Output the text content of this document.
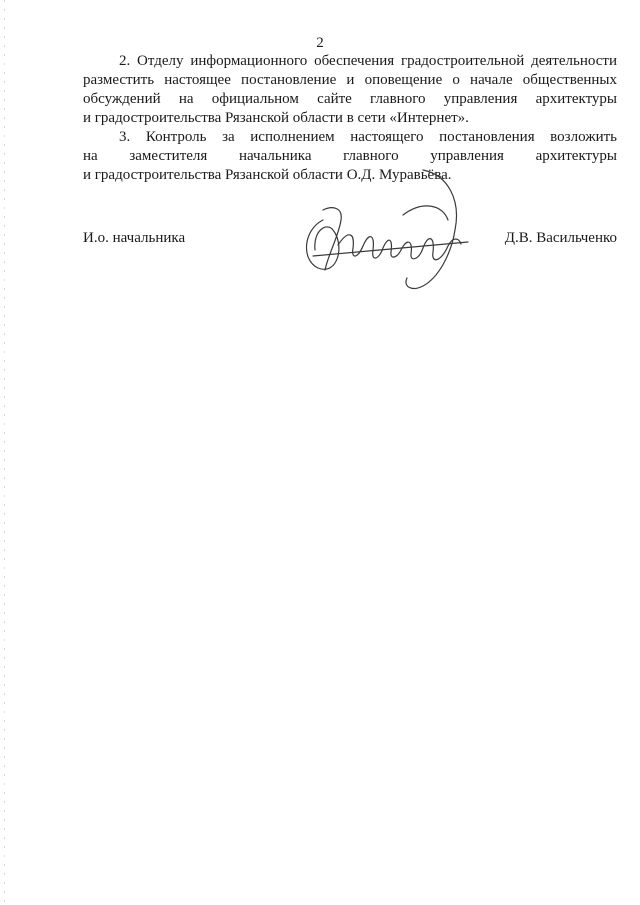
2

2. Отделу информационного обеспечения градостроительной деятельности

разместить настоящее постановление и оповещение о начале общественных

обсуждений на официальном сайте главного управления архитектуры

и градостроительства Рязанской области в сети «Интернет».

3. Контроль за исполнением настоящего постановления возложить

на заместителя начальника главного управления архитектуры

и градостроительства Рязанской области О.Д. Муравьёва.

И.о. начальника	Д.В. Васильченко
